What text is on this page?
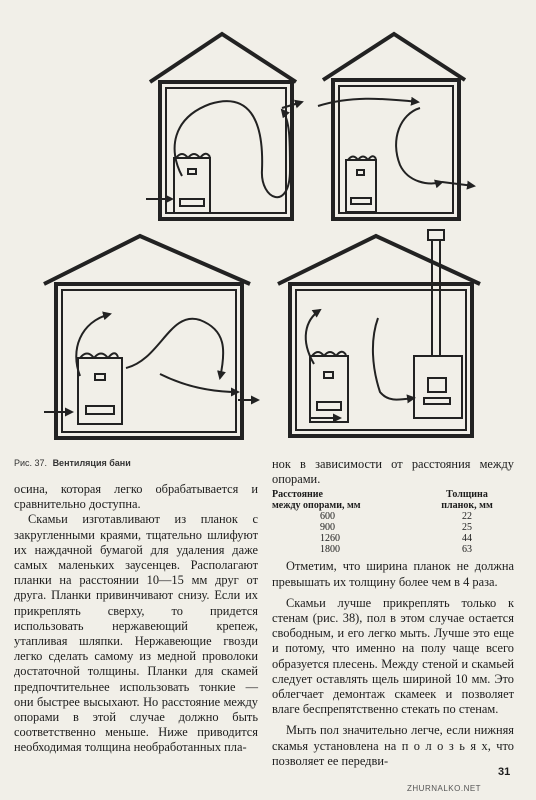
Рис. 37. Вентиляция бани

осина, которая легко обрабатывается и сравнительно доступна.

Скамьи изготавливают из планок с закругленными краями, тщательно шлифуют их наждачной бумагой для удаления даже самых маленьких заусенцев. Располагают планки на расстоянии 10—15 мм друг от друга. Планки привинчивают снизу. Если их прикреплять сверху, то придется использовать нержавеющий крепеж, утапливая шляпки. Нержавеющие гвозди легко сделать самому из медной проволоки достаточной толщины. Планки для скамей предпочтительнее использовать тонкие — они быстрее высыхают. Но расстояние между опорами в этой случае должно быть соответственно меньше. Ниже приводится необходимая толщина необработанных пла-

нок в зависимости от расстояния между опорами.

Расстояние	Толщина
между опорами, мм	планок, мм
600	22
900	25
1260	44
1800	63

Отметим, что ширина планок не должна превышать их толщину более чем в 4 раза.

Скамьи лучше прикреплять только к стенам (рис. 38), пол в этом случае остается свободным, и его легко мыть. Лучше это еще и потому, что именно на полу чаще всего образуется плесень. Между стеной и скамьей следует оставлять щель шириной 10 мм. Это облегчает демонтаж скамеек и позволяет влаге беспрепятственно стекать по стенам.

Мыть пол значительно легче, если нижняя скамья установлена на п о л о з ь я х, что позволяет ее передви-

31
ZHURNALKO.NET
